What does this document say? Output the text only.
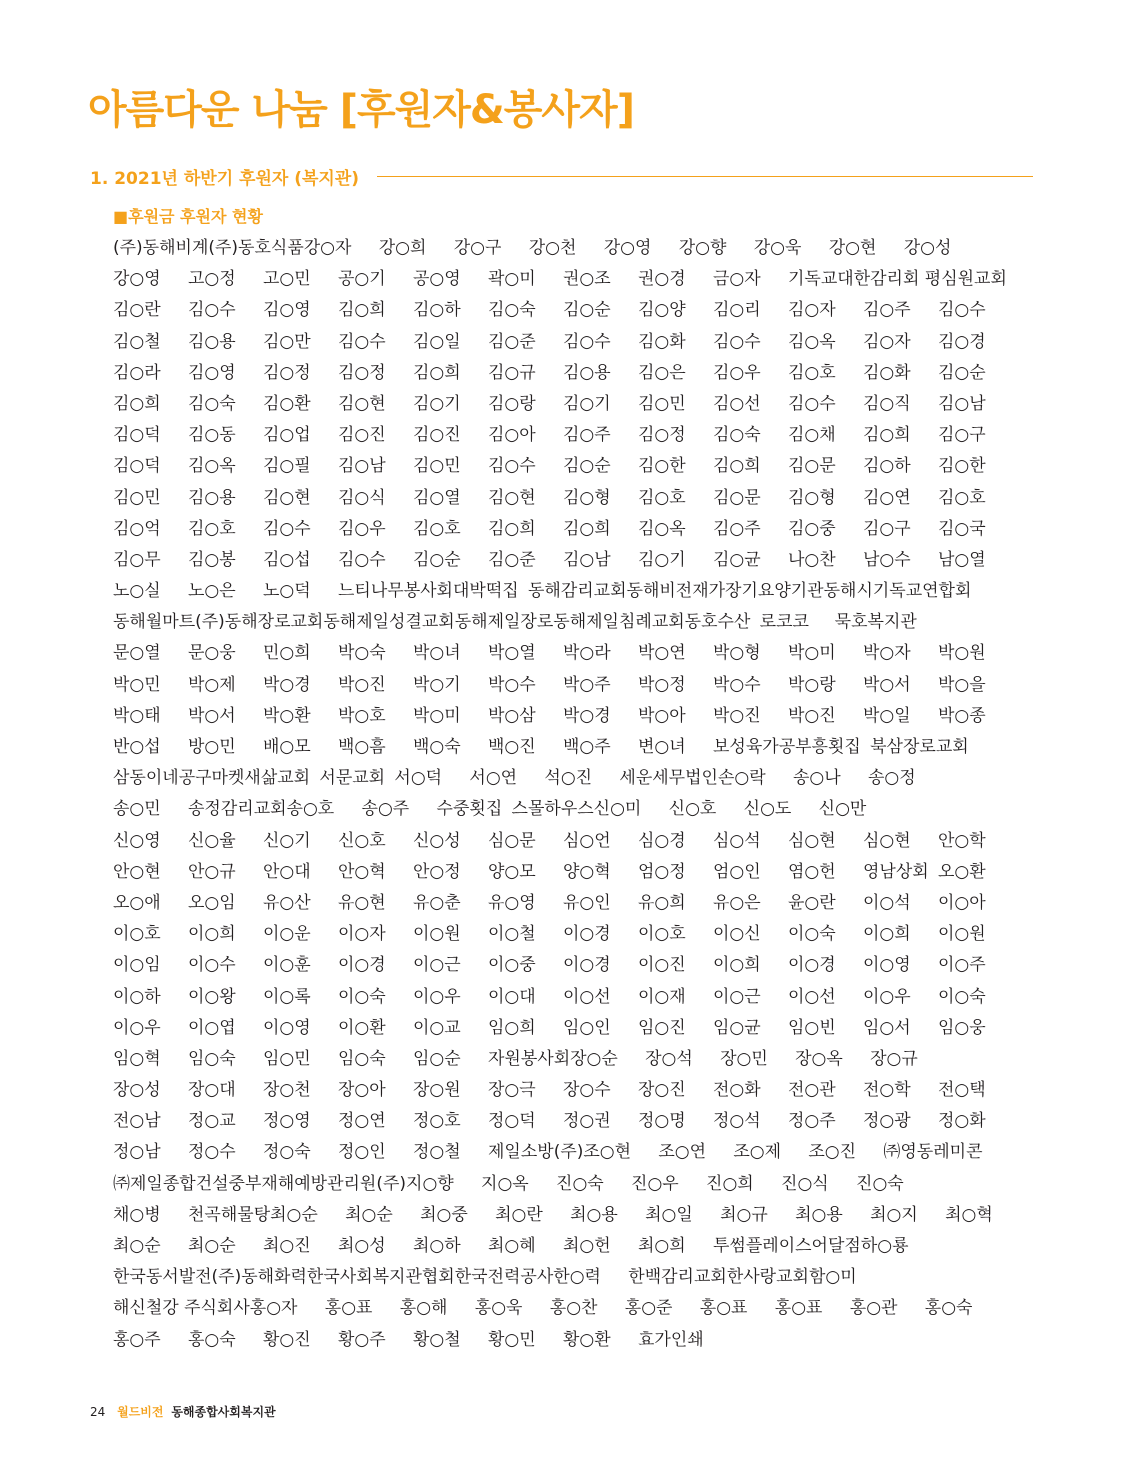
아름다운 나눔 [후원자&봉사자]
1. 2021년 하반기 후원자 (복지관)
■후원금 후원자 현황
(주)동해비계(주)동호식품강○자 강○희 강○구 강○천 강○영 강○향 강○욱 강○현 강○성
강○영 고○정 고○민 공○기 공○영 곽○미 권○조 권○경 금○자 기독교대한감리회 평심원교회
김○란 김○수 김○영 김○희 김○하 김○숙 김○순 김○양 김○리 김○자 김○주 김○수
김○철 김○용 김○만 김○수 김○일 김○준 김○수 김○화 김○수 김○옥 김○자 김○경
김○라 김○영 김○정 김○정 김○희 김○규 김○용 김○은 김○우 김○호 김○화 김○순
김○희 김○숙 김○환 김○현 김○기 김○랑 김○기 김○민 김○선 김○수 김○직 김○남
김○덕 김○동 김○업 김○진 김○진 김○아 김○주 김○정 김○숙 김○채 김○희 김○구
김○덕 김○옥 김○필 김○남 김○민 김○수 김○순 김○한 김○희 김○문 김○하 김○한
김○민 김○용 김○현 김○식 김○열 김○현 김○형 김○호 김○문 김○형 김○연 김○호
김○억 김○호 김○수 김○우 김○호 김○희 김○희 김○옥 김○주 김○중 김○구 김○국
김○무 김○봉 김○섭 김○수 김○순 김○준 김○남 김○기 김○균 나○찬 남○수 남○열
노○실 노○은 노○덕 느티나무봉사회대박떡집 동해감리교회동해비전재가장기요양기관동해시기독교연합회
동해월마트(주)동해장로교회동해제일성결교회동해제일장로동해제일침례교회동호수산 로코코 묵호복지관
문○열 문○웅 민○희 박○숙 박○녀 박○열 박○라 박○연 박○형 박○미 박○자 박○원
박○민 박○제 박○경 박○진 박○기 박○수 박○주 박○정 박○수 박○랑 박○서 박○을
박○태 박○서 박○환 박○호 박○미 박○삼 박○경 박○아 박○진 박○진 박○일 박○종
반○섭 방○민 배○모 백○흠 백○숙 백○진 백○주 변○녀 보성육가공부흥횟집 북삼장로교회
삼동이네공구마켓새삶교회 서문교회 서○덕 서○연 석○진 세운세무법인손○락 송○나 송○정
송○민 송정감리교회송○호 송○주 수중횟집 스몰하우스신○미 신○호 신○도 신○만
신○영 신○율 신○기 신○호 신○성 심○문 심○언 심○경 심○석 심○현 심○현 안○학
안○현 안○규 안○대 안○혁 안○정 양○모 양○혁 엄○정 엄○인 염○헌 영남상회 오○환
오○애 오○임 유○산 유○현 유○춘 유○영 유○인 유○희 유○은 윤○란 이○석 이○아
이○호 이○희 이○운 이○자 이○원 이○철 이○경 이○호 이○신 이○숙 이○희 이○원
이○임 이○수 이○훈 이○경 이○근 이○중 이○경 이○진 이○희 이○경 이○영 이○주
이○하 이○왕 이○록 이○숙 이○우 이○대 이○선 이○재 이○근 이○선 이○우 이○숙
이○우 이○엽 이○영 이○환 이○교 임○희 임○인 임○진 임○균 임○빈 임○서 임○웅
임○혁 임○숙 임○민 임○숙 임○순 자원봉사회장○순 장○석 장○민 장○옥 장○규
장○성 장○대 장○천 장○아 장○원 장○극 장○수 장○진 전○화 전○관 전○학 전○택
전○남 정○교 정○영 정○연 정○호 정○덕 정○권 정○명 정○석 정○주 정○광 정○화
정○남 정○수 정○숙 정○인 정○철 제일소방(주)조○현 조○연 조○제 조○진 ㈜영동레미콘
㈜제일종합건설중부재해예방관리원(주)지○향 지○옥 진○숙 진○우 진○희 진○식 진○숙
채○병 천곡해물탕최○순 최○순 최○중 최○란 최○용 최○일 최○규 최○용 최○지 최○혁
최○순 최○순 최○진 최○성 최○하 최○혜 최○헌 최○희 투썸플레이스어달점하○룡
한국동서발전(주)동해화력한국사회복지관협회한국전력공사한○력 한백감리교회한사랑교회함○미
해신철강 주식회사홍○자 홍○표 홍○해 홍○욱 홍○찬 홍○준 홍○표 홍○표 홍○관 홍○숙
홍○주 홍○숙 황○진 황○주 황○철 황○민 황○환 효가인쇄
24 월드비전 동해종합사회복지관
